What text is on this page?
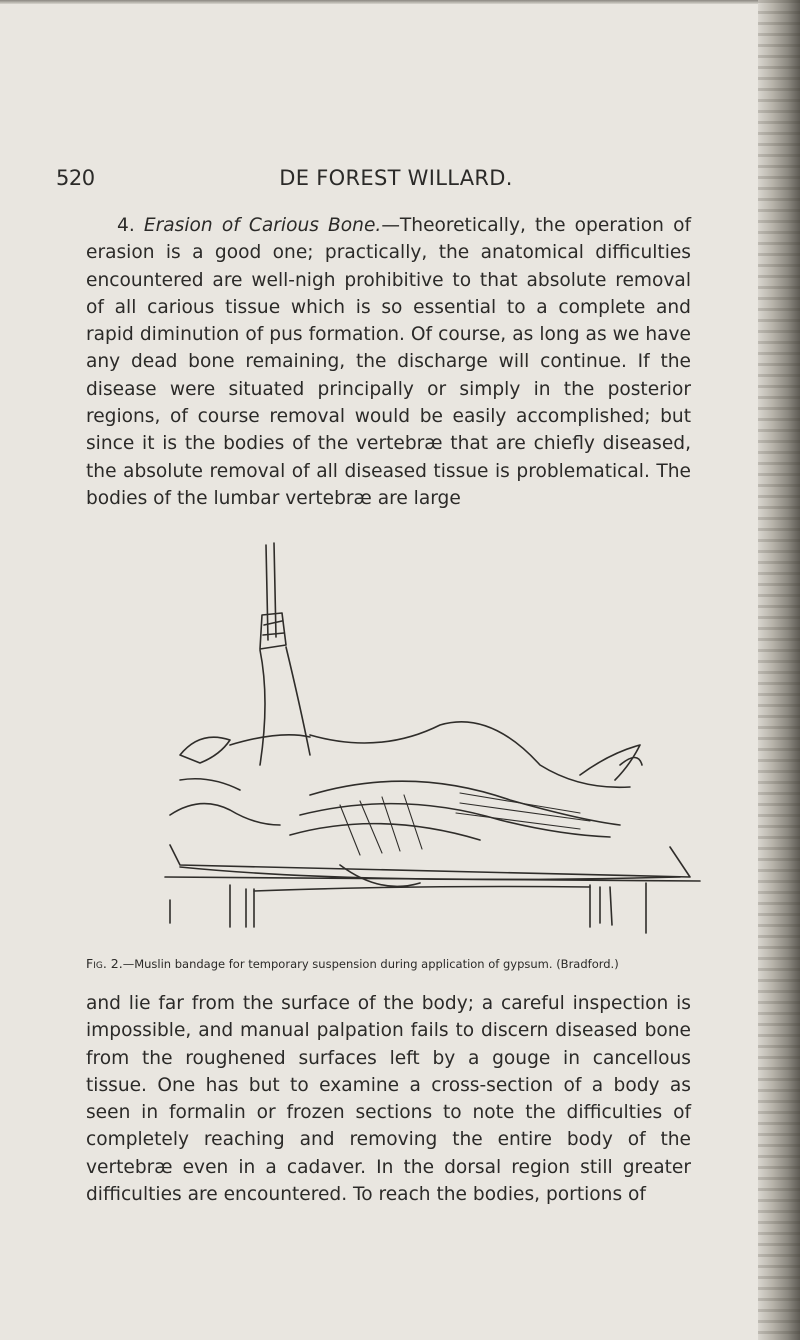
520	DE FOREST WILLARD.

4. Erasion of Carious Bone.—Theoretically, the operation of erasion is a good one; practically, the anatomical difficulties encountered are well-nigh prohibitive to that absolute removal of all carious tissue which is so essential to a complete and rapid diminution of pus formation. Of course, as long as we have any dead bone remaining, the discharge will continue. If the disease were situated principally or simply in the posterior regions, of course removal would be easily accomplished; but since it is the bodies of the vertebræ that are chiefly diseased, the absolute removal of all diseased tissue is problematical. The bodies of the lumbar vertebræ are large

Fig. 2.—Muslin bandage for temporary suspension during application of gypsum. (Bradford.)

and lie far from the surface of the body; a careful inspection is impossible, and manual palpation fails to discern diseased bone from the roughened surfaces left by a gouge in cancellous tissue. One has but to examine a cross-section of a body as seen in formalin or frozen sections to note the difficulties of completely reaching and removing the entire body of the vertebræ even in a cadaver. In the dorsal region still greater difficulties are encountered. To reach the bodies, portions of
